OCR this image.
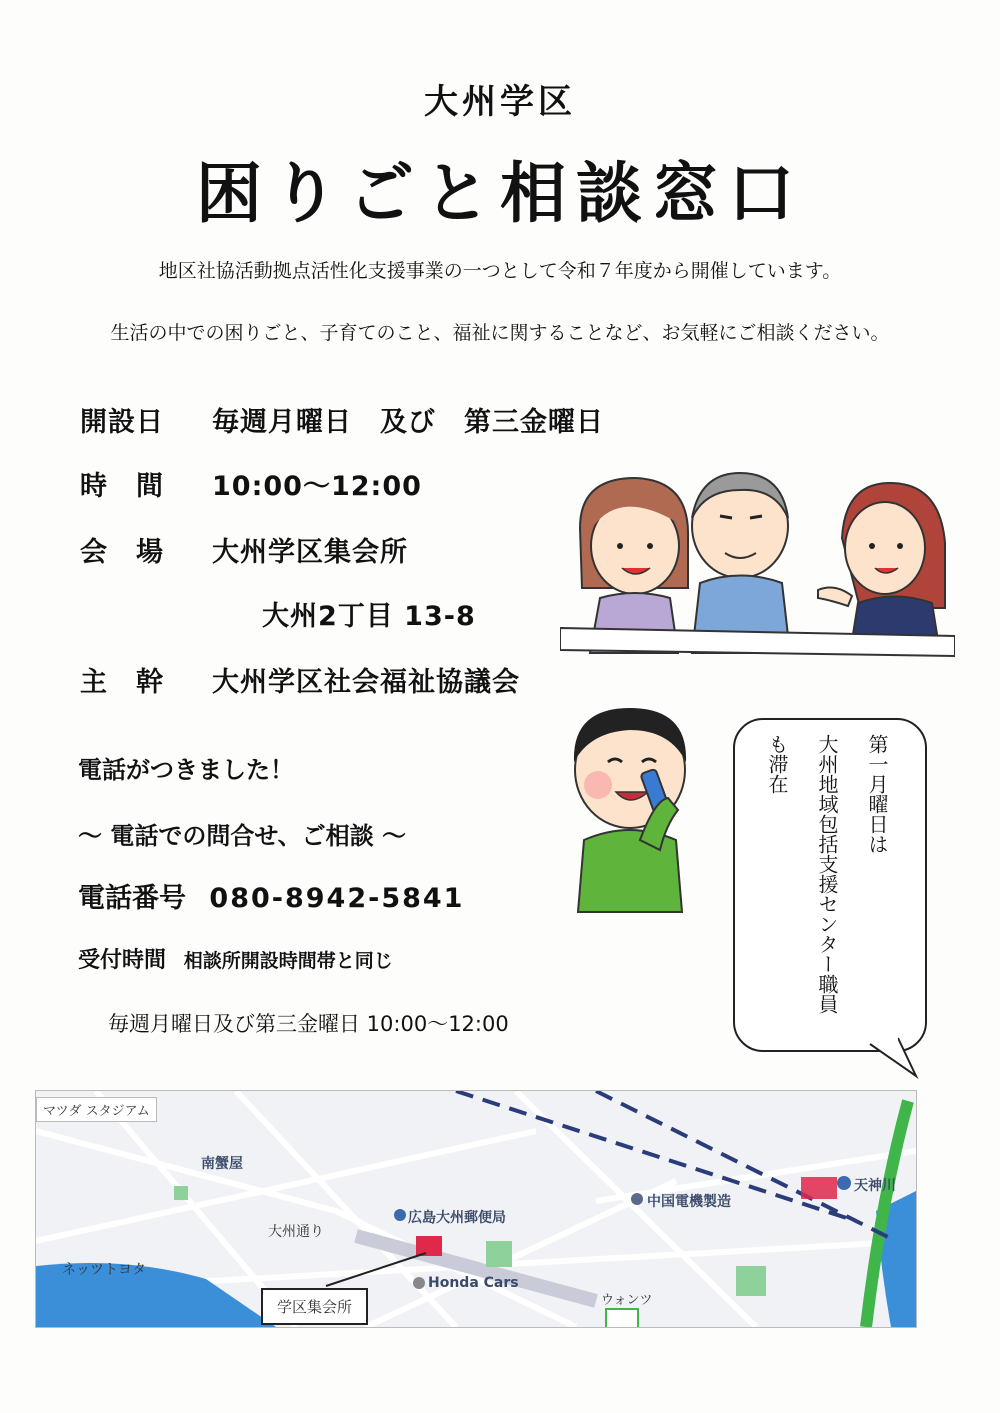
大州学区
困りごと相談窓口
地区社協活動拠点活性化支援事業の一つとして令和７年度から開催しています。
生活の中での困りごと、子育てのこと、福祉に関することなど、お気軽にご相談ください。
開設日 毎週月曜日　及び　第三金曜日
時　間 10:00～12:00
会　場 大州学区集会所
大州2丁目 13-8
主　幹 大州学区社会福祉協議会
電話がつきました！
～ 電話での問合せ、ご相談 ～
電話番号 080-8942-5841
受付時間 相談所開設時間帯と同じ
毎週月曜日及び第三金曜日 10:00～12:00
第一月曜日は
大州地域包括支援センター職員
も滞在
マツダ スタジアム
南蟹屋
大州通り
広島大州郵便局
Honda Cars
ネッツトヨタ
中国電機製造
天神川
ウォンツ
学区集会所
